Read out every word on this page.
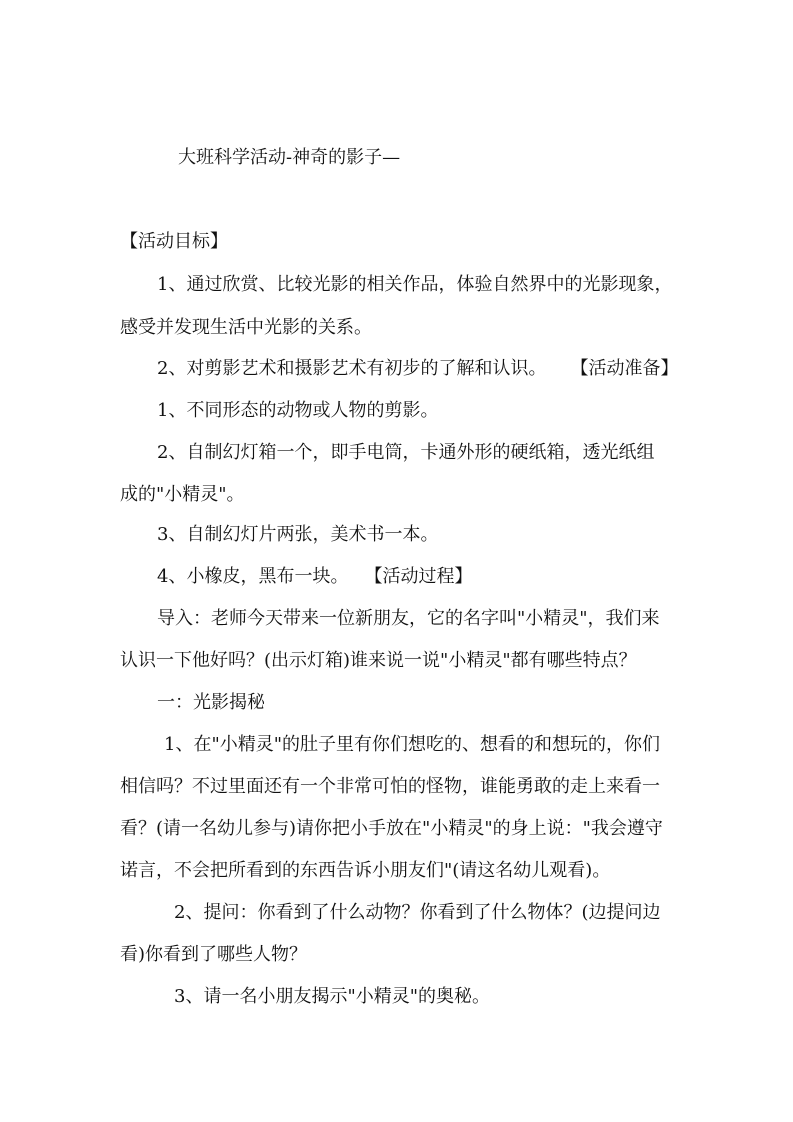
大班科学活动-神奇的影子—
【活动目标】
1、通过欣赏、比较光影的相关作品，体验自然界中的光影现象，
感受并发现生活中光影的关系。
2、对剪影艺术和摄影艺术有初步的了解和认识。 【活动准备】
1、不同形态的动物或人物的剪影。
2、自制幻灯箱一个，即手电筒，卡通外形的硬纸箱，透光纸组
成的"小精灵"。
3、自制幻灯片两张，美术书一本。
4、小橡皮，黑布一块。 【活动过程】
导入：老师今天带来一位新朋友，它的名字叫"小精灵"，我们来
认识一下他好吗？(出示灯箱)谁来说一说"小精灵"都有哪些特点？
一：光影揭秘
1、在"小精灵"的肚子里有你们想吃的、想看的和想玩的，你们
相信吗？不过里面还有一个非常可怕的怪物，谁能勇敢的走上来看一
看？(请一名幼儿参与)请你把小手放在"小精灵"的身上说："我会遵守
诺言，不会把所看到的东西告诉小朋友们"(请这名幼儿观看)。
2、提问：你看到了什么动物？你看到了什么物体？(边提问边
看)你看到了哪些人物？
3、请一名小朋友揭示"小精灵"的奥秘。
